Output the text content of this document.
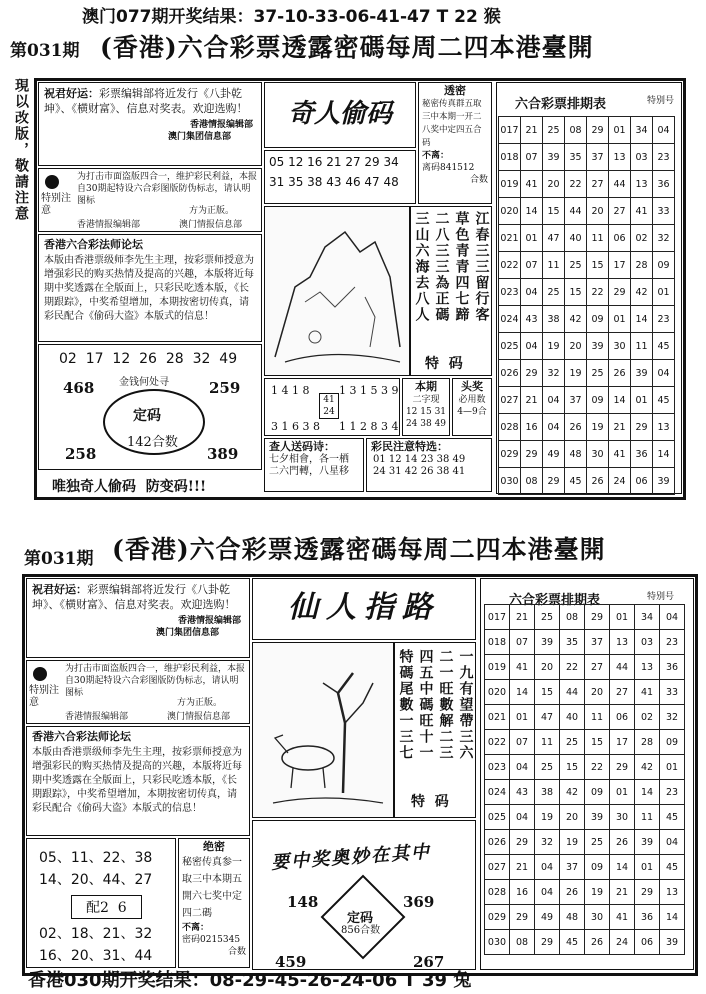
澳门077期开奖结果：37-10-33-06-41-47 T 22 猴
第031期 (香港)六合彩票透露密碼每周二四本港臺開
現以改版，敬請注意	祝君好运：彩票编辑部将近发行《八卦乾坤》、《横财富》、信息对奖表。欢迎选购！
香港情报编辑部
澳门集团信息部
特别注意
为打击市面盗版四合一，维护彩民利益，本报自30期起特设六合彩图版防伪标志，请认明图标
方为正版。
香港情报编辑部	澳门情报信息部
香港六合彩法师论坛
本版由香港票级师李先生主理，按彩票师授意为增强彩民的购买热情及提高的兴趣，本版将近每期中奖透露在全版面上，只彩民吃透本版，《长期跟踪》，中奖希望增加，本期按密切传真，请彩民配合《偷码大盗》本版式的信息！
02  17  12  26  28  32  49
468	259
金钱何处寻
定码
142合数
258	389
唯独奇人偷码  防变码!!!
奇人偷码
05 12 16 21 27 29 34
31 35 38 43 46 47 48
透密
秘密传真群五取三中本期一开二八奖中定四五合码
不离：
离码841512
合数
江春三三留行客
草色青青四七蹄
二八三三為正碼
三山六海去八人
特  码
1 4 1 8	1 3 1 5 3 9
41 24
3 1 6 3 8 1 1 2 8 3 4
本期
二字现
12 15 31 24 38 49
头奖
必用数
4—9合
查人送码诗：
七夕相會，各一栖
二六門轉，八星移
彩民注意特选：
01 12 14 23 38 49
24 31 42 26 38 41
六合彩票排期表	特别号
017	21	25	08	29	01	34	04
018	07	39	35	37	13	03	23
019	41	20	22	27	44	13	36
020	14	15	44	20	27	41	33
021	01	47	40	11	06	02	32
022	07	11	25	15	17	28	09
023	04	25	15	22	29	42	01
024	43	38	42	09	01	14	23
025	04	19	20	39	30	11	45
026	29	32	19	25	26	39	04
027	21	04	37	09	14	01	45
028	16	04	26	19	21	29	13
029	29	49	48	30	41	36	14
030	08	29	45	26	24	06	39
第031期 (香港)六合彩票透露密碼每周二四本港臺開
祝君好运：彩票编辑部将近发行《八卦乾坤》、《横财富》、信息对奖表。欢迎选购！
香港情报编辑部
澳门集团信息部
特别注意
为打击市面盗版四合一，维护彩民利益，本报自30期起特设六合彩图版防伪标志，请认明图标
方为正版。
香港情报编辑部	澳门情报信息部
香港六合彩法师论坛
本版由香港票级师李先生主理，按彩票师授意为增强彩民的购买热情及提高的兴趣，本版将近每期中奖透露在全版面上，只彩民吃透本版，《长期跟踪》，中奖希望增加，本期按密切传真，请彩民配合《偷码大盗》本版式的信息！
05、11、22、38
14、20、44、27
配2  6
02、18、21、32
16、20、31、44
绝密
秘密传真参一取三中本期五開六七奖中定四二碼
不离：
密码0215345
合数
仙人指路
一九有望帶三六
二一旺數解二三
四五中碼旺十一
特碼尾數一三七
特  码
要中奖奥妙在其中
148	369
定码
856合数
459	267
六合彩票排期表	特别号
017	21	25	08	29	01	34	04
018	07	39	35	37	13	03	23
019	41	20	22	27	44	13	36
020	14	15	44	20	27	41	33
021	01	47	40	11	06	02	32
022	07	11	25	15	17	28	09
023	04	25	15	22	29	42	01
024	43	38	42	09	01	14	23
025	04	19	20	39	30	11	45
026	29	32	19	25	26	39	04
027	21	04	37	09	14	01	45
028	16	04	26	19	21	29	13
029	29	49	48	30	41	36	14
030	08	29	45	26	24	06	39
香港030期开奖结果：08-29-45-26-24-06 T 39 兔
